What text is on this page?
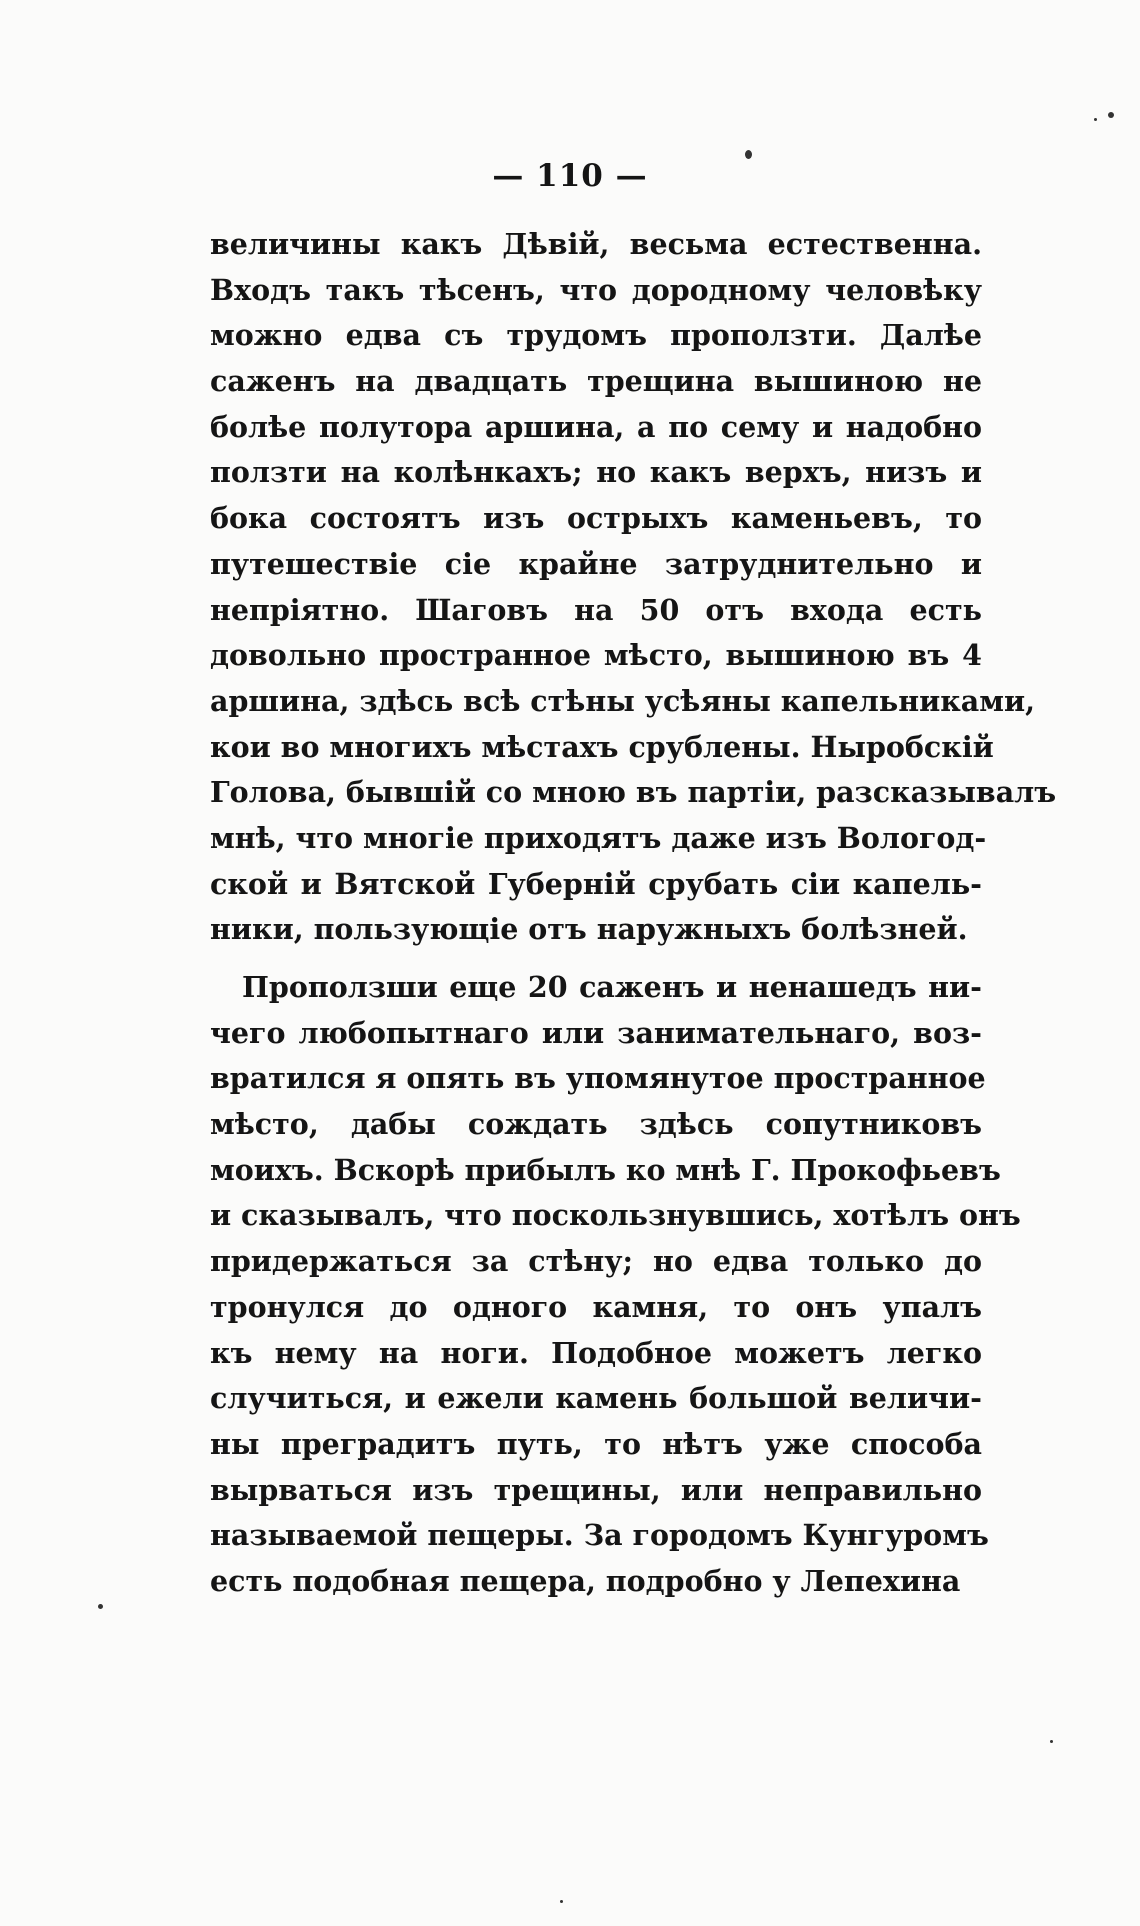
— 110 —
величины какъ Дѣвій, весьма естественна.
Входъ такъ тѣсенъ, что дородному человѣку
можно едва съ трудомъ проползти. Далѣе
саженъ на двадцать трещина вышиною не
болѣе полутора аршина, а по сему и надобно
ползти на колѣнкахъ; но какъ верхъ, низъ и
бока состоятъ изъ острыхъ каменьевъ, то
путешествіе сіе крайне затруднительно и
непріятно. Шаговъ на 50 отъ входа есть
довольно пространное мѣсто, вышиною въ 4
аршина, здѣсь всѣ стѣны усѣяны капельниками,
кои во многихъ мѣстахъ срублены. Ныробскій
Голова, бывшій со мною въ партіи, разсказывалъ
мнѣ, что многіе приходятъ даже изъ Вологод-
ской и Вятской Губерній срубать сіи капель-
ники, пользующіе отъ наружныхъ болѣзней.
Проползши еще 20 саженъ и ненашедъ ни-
чего любопытнаго или занимательнаго, воз-
вратился я опять въ упомянутое пространное
мѣсто, дабы сождать здѣсь сопутниковъ
моихъ. Вскорѣ прибылъ ко мнѣ Г. Прокофьевъ
и сказывалъ, что поскользнувшись, хотѣлъ онъ
придержаться за стѣну; но едва только до
тронулся до одного камня, то онъ упалъ
къ нему на ноги. Подобное можетъ легко
случиться, и ежели камень большой величи-
ны преградитъ путь, то нѣтъ уже способа
вырваться изъ трещины, или неправильно
называемой пещеры. За городомъ Кунгуромъ
есть подобная пещера, подробно у Лепехина
